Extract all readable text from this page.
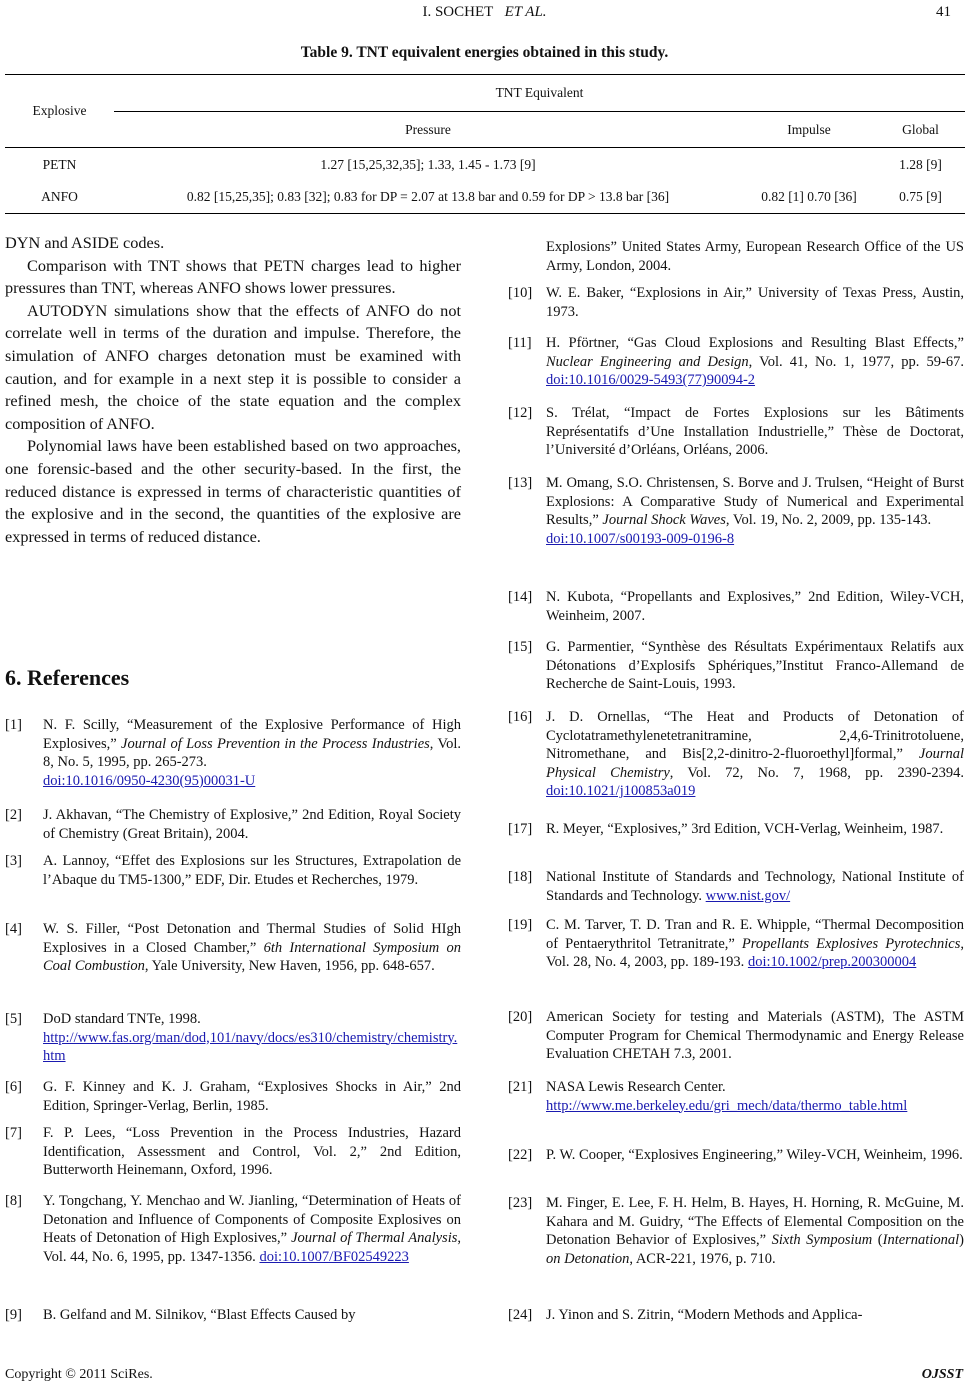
I. SOCHET ET AL.	41
Table 9. TNT equivalent energies obtained in this study.
Explosive	TNT Equivalent		
	Pressure	Impulse	Global
PETN	1.27 [15,25,32,35]; 1.33, 1.45 - 1.73 [9]		1.28 [9]
ANFO	0.82 [15,25,35]; 0.83 [32]; 0.83 for DP = 2.07 at 13.8 bar and 0.59 for DP > 13.8 bar [36]	0.82 [1] 0.70 [36]	0.75 [9]

DYN and ASIDE codes.

Comparison with TNT shows that PETN charges lead to higher pressures than TNT, whereas ANFO shows lower pressures.

AUTODYN simulations show that the effects of ANFO do not correlate well in terms of the duration and impulse. Therefore, the simulation of ANFO charges detonation must be examined with caution, and for example in a next step it is possible to consider a refined mesh, the choice of the state equation and the complex composition of ANFO.

Polynomial laws have been established based on two approaches, one forensic-based and the other security-based. In the first, the reduced distance is expressed in terms of characteristic quantities of the explosive and in the second, the quantities of the explosive are expressed in terms of reduced distance.

6. References
[1] N. F. Scilly, “Measurement of the Explosive Performance of High Explosives,” Journal of Loss Prevention in the Process Industries, Vol. 8, No. 5, 1995, pp. 265-273.
doi:10.1016/0950-4230(95)00031-U
[2] J. Akhavan, “The Chemistry of Explosive,” 2nd Edition, Royal Society of Chemistry (Great Britain), 2004.
[3] A. Lannoy, “Effet des Explosions sur les Structures, Extrapolation de l’Abaque du TM5-1300,” EDF, Dir. Etudes et Recherches, 1979.
[4] W. S. Filler, “Post Detonation and Thermal Studies of Solid HIgh Explosives in a Closed Chamber,” 6th International Symposium on Coal Combustion, Yale University, New Haven, 1956, pp. 648-657.
[5] DoD standard TNTe, 1998.
http://www.fas.org/man/dod,101/navy/docs/es310/chemistry/chemistry.htm
[6] G. F. Kinney and K. J. Graham, “Explosives Shocks in Air,” 2nd Edition, Springer-Verlag, Berlin, 1985.
[7] F. P. Lees, “Loss Prevention in the Process Industries, Hazard Identification, Assessment and Control, Vol. 2,” 2nd Edition, Butterworth Heinemann, Oxford, 1996.
[8] Y. Tongchang, Y. Menchao and W. Jianling, “Determination of Heats of Detonation and Influence of Components of Composite Explosives on Heats of Detonation of High Explosives,” Journal of Thermal Analysis, Vol. 44, No. 6, 1995, pp. 1347-1356. doi:10.1007/BF02549223
[9] B. Gelfand and M. Silnikov, “Blast Effects Caused by
Explosions” United States Army, European Research Office of the US Army, London, 2004.
[10] W. E. Baker, “Explosions in Air,” University of Texas Press, Austin, 1973.
[11] H. Pförtner, “Gas Cloud Explosions and Resulting Blast Effects,” Nuclear Engineering and Design, Vol. 41, No. 1, 1977, pp. 59-67. doi:10.1016/0029-5493(77)90094-2
[12] S. Trélat, “Impact de Fortes Explosions sur les Bâtiments Représentatifs d’Une Installation Industrielle,” Thèse de Doctorat, l’Université d’Orléans, Orléans, 2006.
[13] M. Omang, S.O. Christensen, S. Borve and J. Trulsen, “Height of Burst Explosions: A Comparative Study of Numerical and Experimental Results,” Journal Shock Waves, Vol. 19, No. 2, 2009, pp. 135-143.
doi:10.1007/s00193-009-0196-8
[14] N. Kubota, “Propellants and Explosives,” 2nd Edition, Wiley-VCH, Weinheim, 2007.
[15] G. Parmentier, “Synthèse des Résultats Expérimentaux Relatifs aux Détonations d’Explosifs Sphériques,”Institut Franco-Allemand de Recherche de Saint-Louis, 1993.
[16] J. D. Ornellas, “The Heat and Products of Detonation of Cyclotatramethylenetetranitramine, 2,4,6-Trinitrotoluene, Nitromethane, and Bis[2,2-dinitro-2-fluoroethyl]formal,” Journal Physical Chemistry, Vol. 72, No. 7, 1968, pp. 2390-2394. doi:10.1021/j100853a019
[17] R. Meyer, “Explosives,” 3rd Edition, VCH-Verlag, Weinheim, 1987.
[18] National Institute of Standards and Technology, National Institute of Standards and Technology. www.nist.gov/
[19] C. M. Tarver, T. D. Tran and R. E. Whipple, “Thermal Decomposition of Pentaerythritol Tetranitrate,” Propellants Explosives Pyrotechnics, Vol. 28, No. 4, 2003, pp. 189-193. doi:10.1002/prep.200300004
[20] American Society for testing and Materials (ASTM), The ASTM Computer Program for Chemical Thermodynamic and Energy Release Evaluation CHETAH 7.3, 2001.
[21] NASA Lewis Research Center.
http://www.me.berkeley.edu/gri_mech/data/thermo_table.html
[22] P. W. Cooper, “Explosives Engineering,” Wiley-VCH, Weinheim, 1996.
[23] M. Finger, E. Lee, F. H. Helm, B. Hayes, H. Horning, R. McGuine, M. Kahara and M. Guidry, “The Effects of Elemental Composition on the Detonation Behavior of Explosives,” Sixth Symposium (International) on Detonation, ACR-221, 1976, p. 710.
[24] J. Yinon and S. Zitrin, “Modern Methods and Applica-
Copyright © 2011 SciRes.	OJSST
